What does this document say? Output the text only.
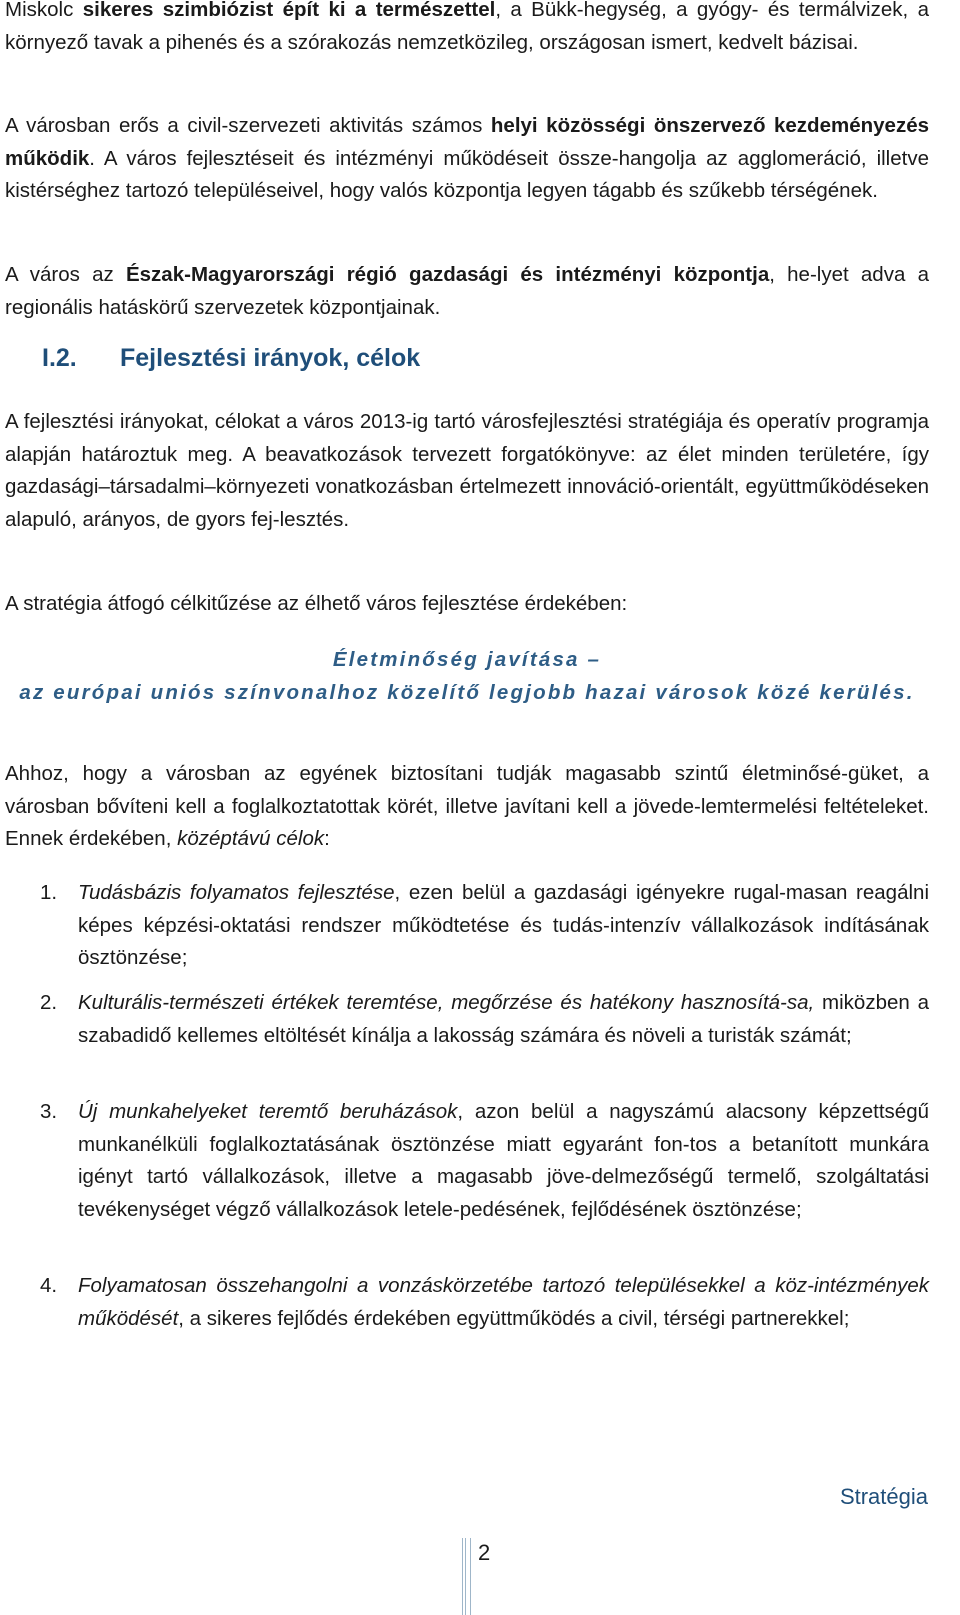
Miskolc sikeres szimbiózist épít ki a természettel, a Bükk-hegység, a gyógy- és termálvizek, a környező tavak a pihenés és a szórakozás nemzetközileg, országosan ismert, kedvelt bázisai.

A városban erős a civil-szervezeti aktivitás számos helyi közösségi önszervező kezdeményezés működik. A város fejlesztéseit és intézményi működéseit össze-hangolja az agglomeráció, illetve kistérséghez tartozó településeivel, hogy valós központja legyen tágabb és szűkebb térségének.

A város az Észak-Magyarországi régió gazdasági és intézményi központja, he-lyet adva a regionális hatáskörű szervezetek központjainak.

I.2. Fejlesztési irányok, célok

A fejlesztési irányokat, célokat a város 2013-ig tartó városfejlesztési stratégiája és operatív programja alapján határoztuk meg. A beavatkozások tervezett forgatókönyve: az élet minden területére, így gazdasági–társadalmi–környezeti vonatkozásban értelmezett innováció-orientált, együttműködéseken alapuló, arányos, de gyors fej-lesztés.

A stratégia átfogó célkitűzése az élhető város fejlesztése érdekében:

Életminőség javítása –
az európai uniós színvonalhoz közelítő legjobb hazai városok közé kerülés.

Ahhoz, hogy a városban az egyének biztosítani tudják magasabb szintű életminősé-güket, a városban bővíteni kell a foglalkoztatottak körét, illetve javítani kell a jövede-lemtermelési feltételeket. Ennek érdekében, középtávú célok:

1. Tudásbázis folyamatos fejlesztése, ezen belül a gazdasági igényekre rugal-masan reagálni képes képzési-oktatási rendszer működtetése és tudás-intenzív vállalkozások indításának ösztönzése;

2. Kulturális-természeti értékek teremtése, megőrzése és hatékony hasznosítá-sa, miközben a szabadidő kellemes eltöltését kínálja a lakosság számára és növeli a turisták számát;

3. Új munkahelyeket teremtő beruházások, azon belül a nagyszámú alacsony képzettségű munkanélküli foglalkoztatásának ösztönzése miatt egyaránt fon-tos a betanított munkára igényt tartó vállalkozások, illetve a magasabb jöve-delmezőségű termelő, szolgáltatási tevékenységet végző vállalkozások letele-pedésének, fejlődésének ösztönzése;

4. Folyamatosan összehangolni a vonzáskörzetébe tartozó településekkel a köz-intézmények működését, a sikeres fejlődés érdekében együttműködés a civil, térségi partnerekkel;

Stratégia

2
